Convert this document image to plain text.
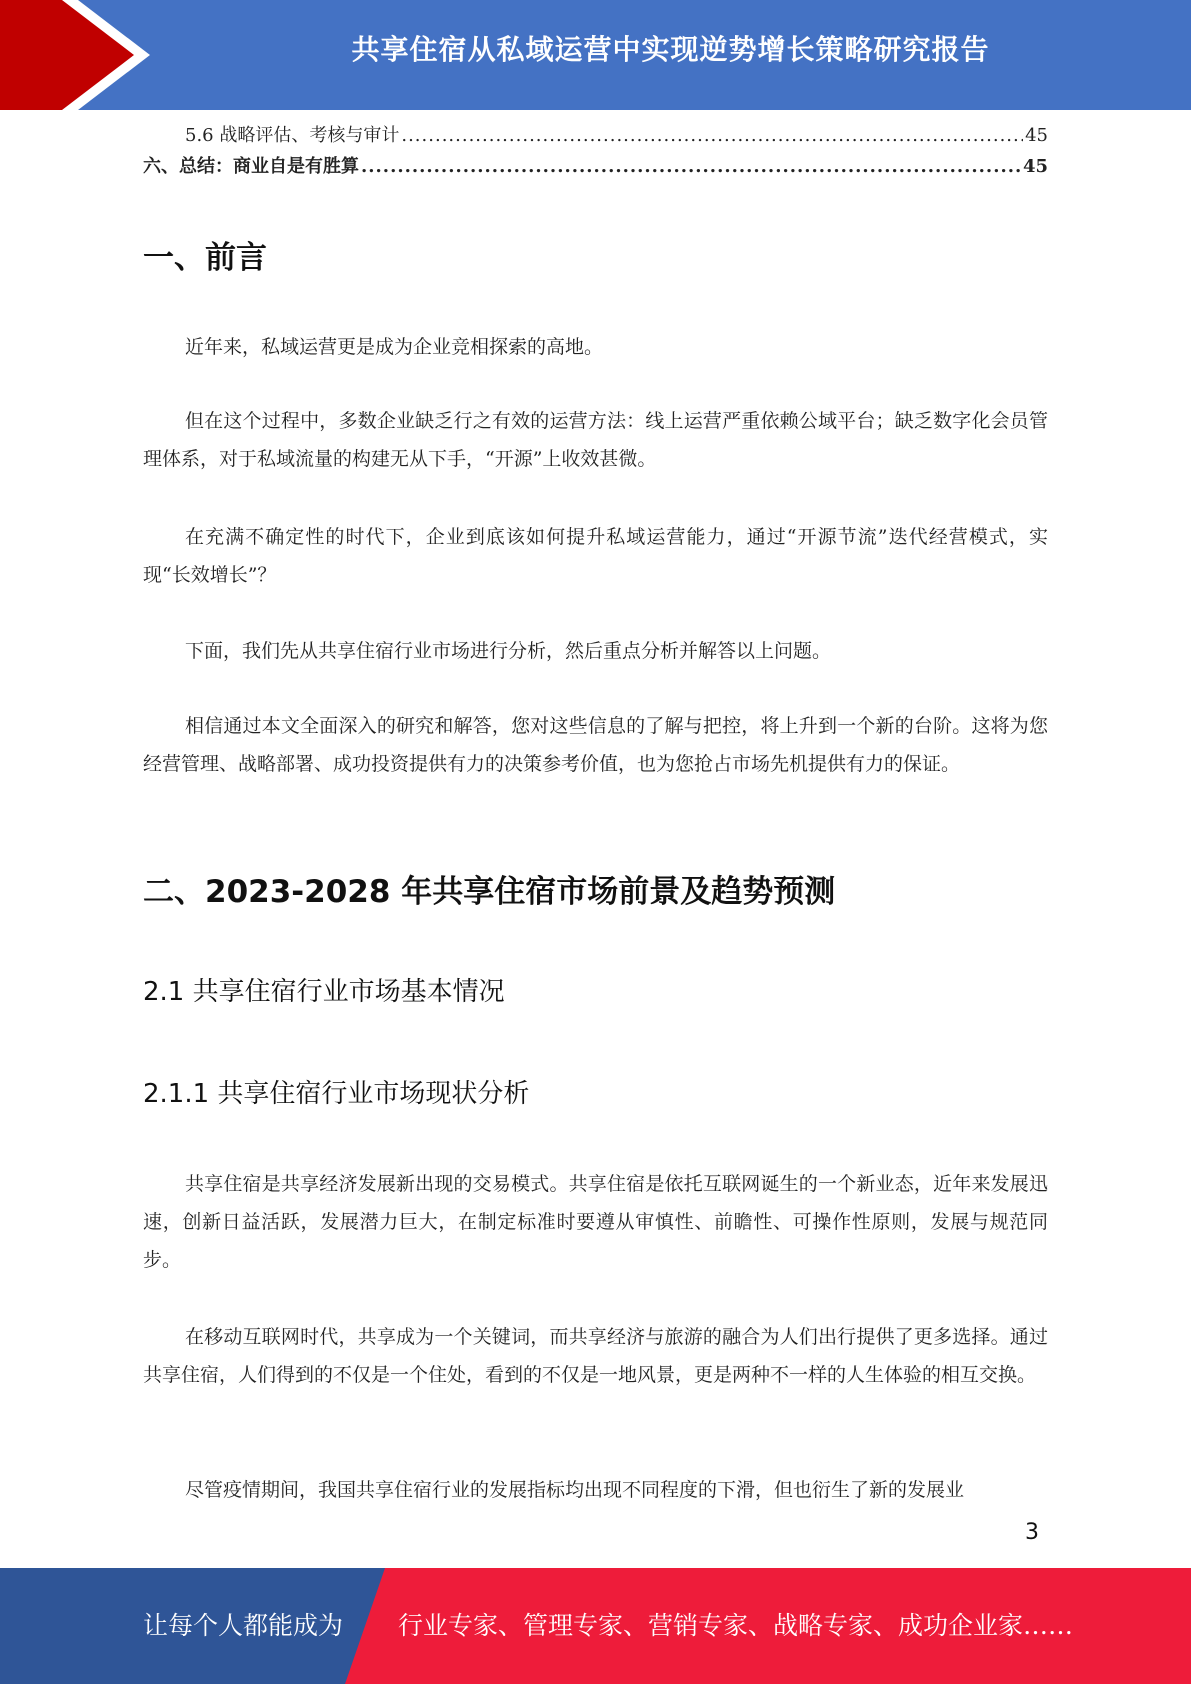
共享住宿从私域运营中实现逆势增长策略研究报告
5.6 战略评估、考核与审计 .....	45
六、总结：商业自是有胜算 .....	45
一、前言

近年来，私域运营更是成为企业竞相探索的高地。

但在这个过程中，多数企业缺乏行之有效的运营方法：线上运营严重依赖公域平台；缺乏数字化会员管理体系，对于私域流量的构建无从下手，“开源”上收效甚微。

在充满不确定性的时代下，企业到底该如何提升私域运营能力，通过“开源节流”迭代经营模式，实现“长效增长”？

下面，我们先从共享住宿行业市场进行分析，然后重点分析并解答以上问题。

相信通过本文全面深入的研究和解答，您对这些信息的了解与把控，将上升到一个新的台阶。这将为您经营管理、战略部署、成功投资提供有力的决策参考价值，也为您抢占市场先机提供有力的保证。

二、2023-2028 年共享住宿市场前景及趋势预测
2.1 共享住宿行业市场基本情况
2.1.1 共享住宿行业市场现状分析

共享住宿是共享经济发展新出现的交易模式。共享住宿是依托互联网诞生的一个新业态，近年来发展迅速，创新日益活跃，发展潜力巨大，在制定标准时要遵从审慎性、前瞻性、可操作性原则，发展与规范同步。

在移动互联网时代，共享成为一个关键词，而共享经济与旅游的融合为人们出行提供了更多选择。通过共享住宿，人们得到的不仅是一个住处，看到的不仅是一地风景，更是两种不一样的人生体验的相互交换。

尽管疫情期间，我国共享住宿行业的发展指标均出现不同程度的下滑，但也衍生了新的发展业

3
让每个人都能成为 行业专家、管理专家、营销专家、战略专家、成功企业家……
